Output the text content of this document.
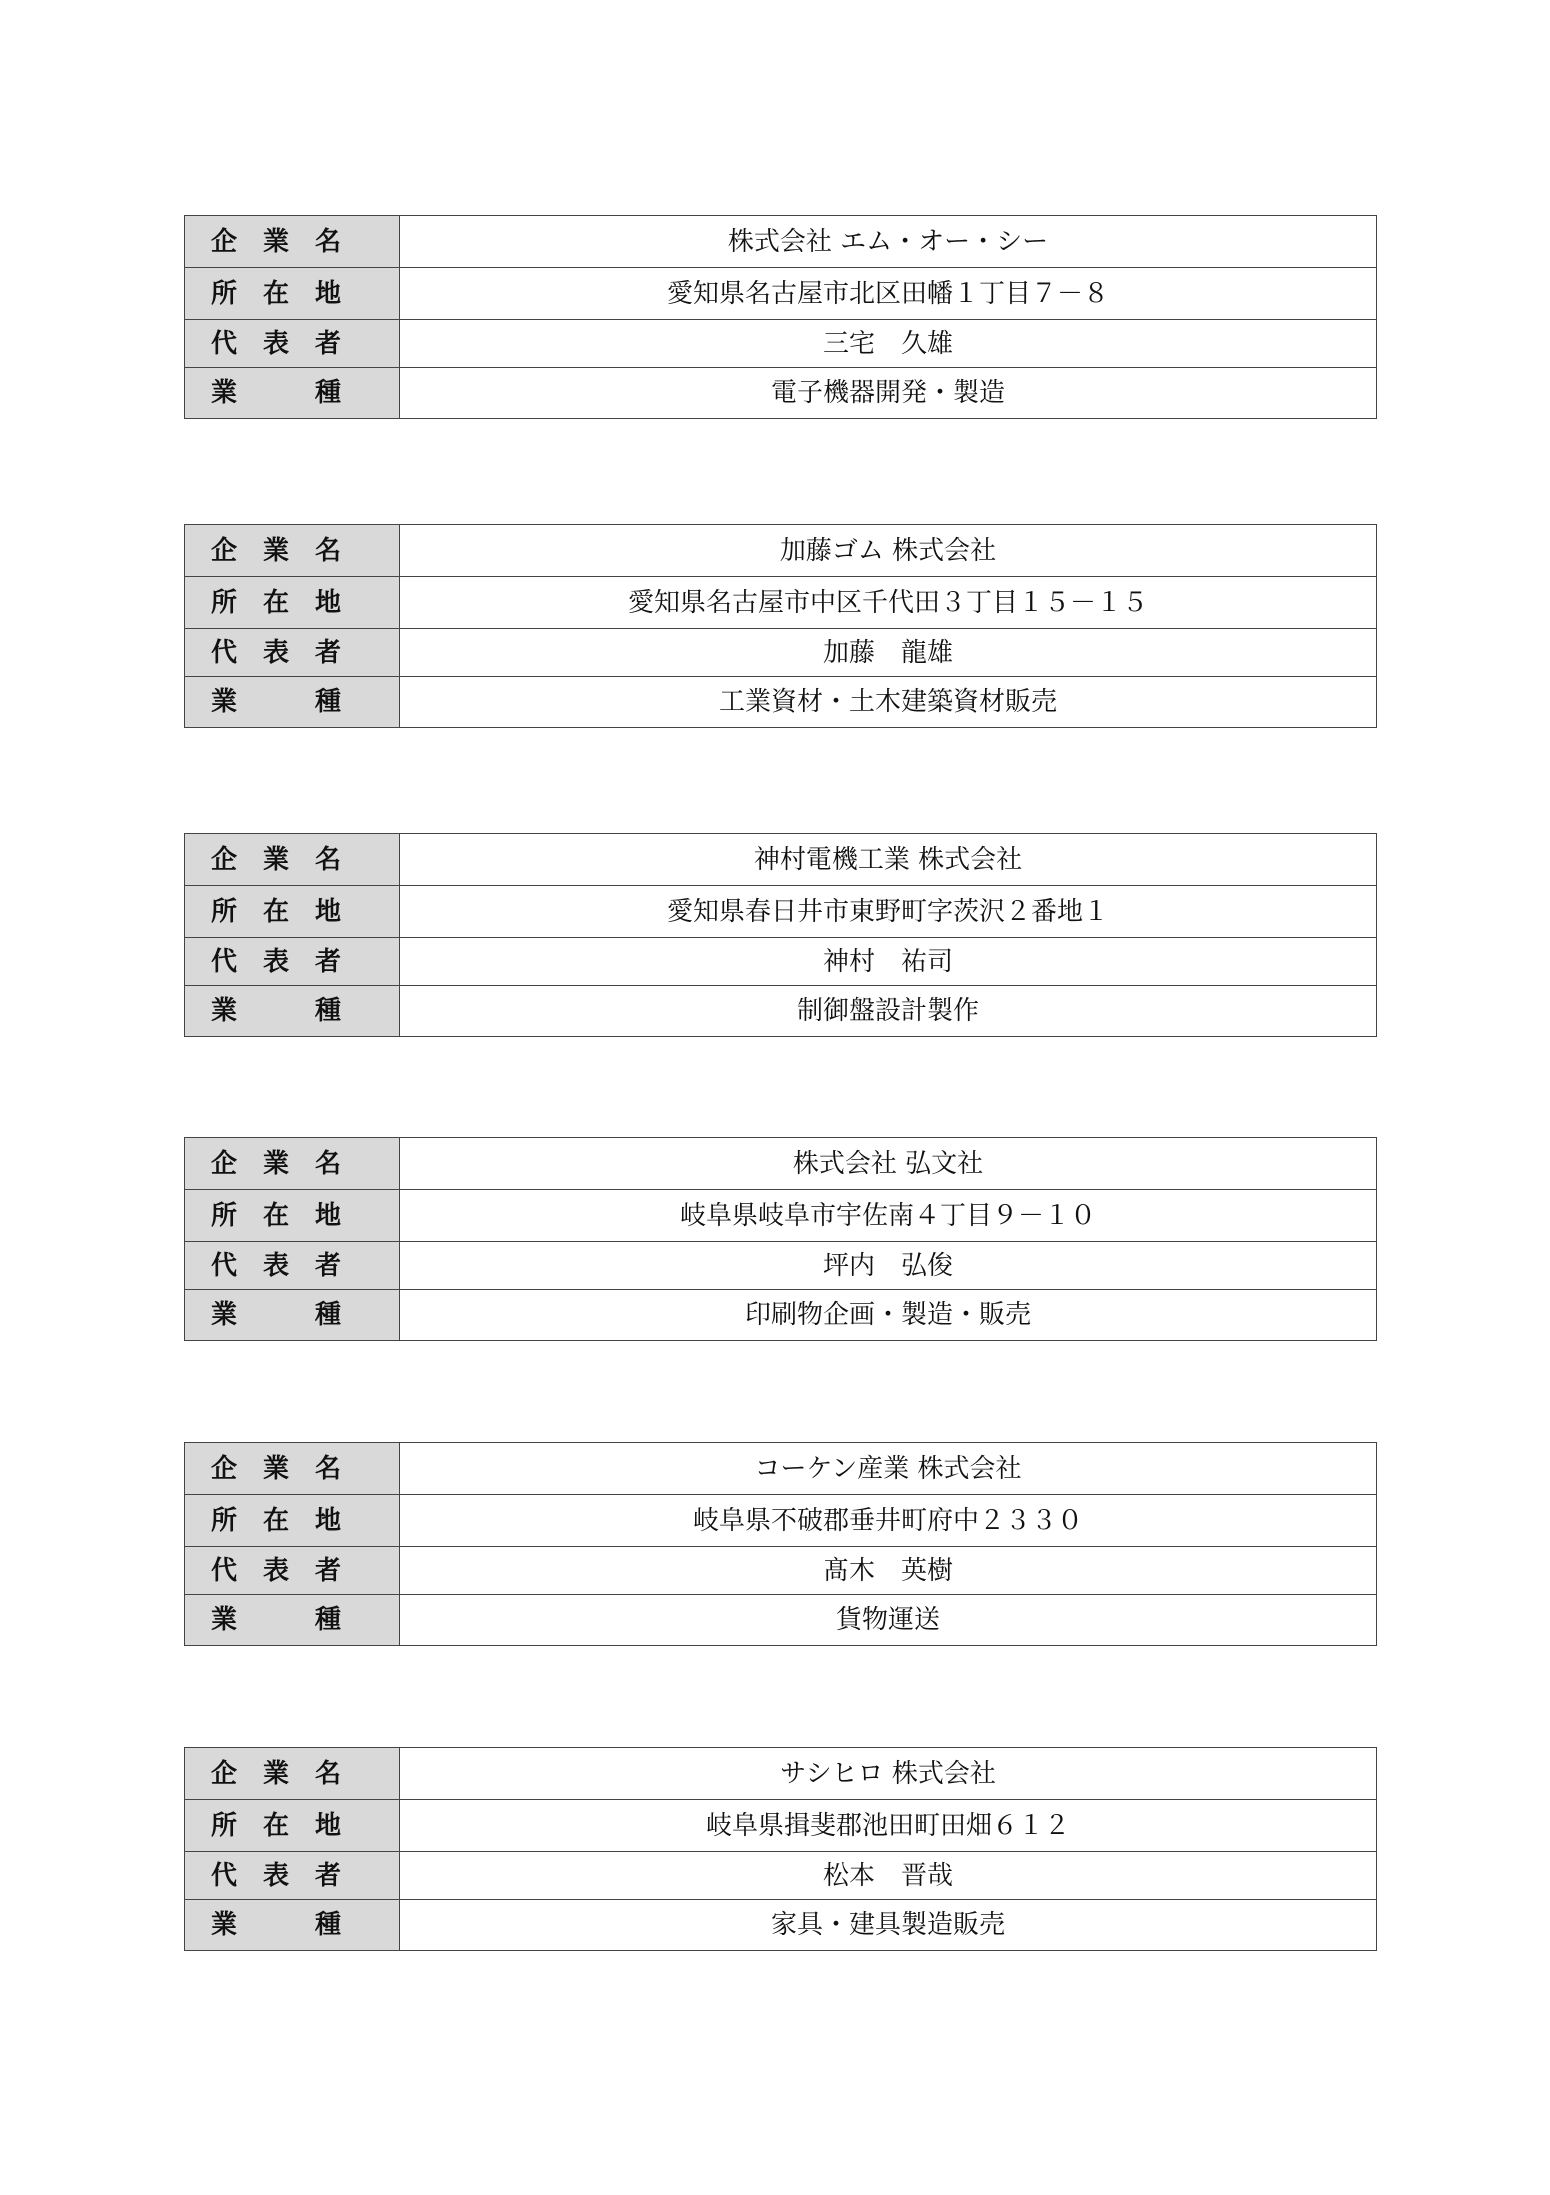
企　業　名	株式会社 エム・オー・シー
所　在　地	愛知県名古屋市北区田幡１丁目７－８
代　表　者	三宅　久雄
業　　　種	電子機器開発・製造
企　業　名	加藤ゴム 株式会社
所　在　地	愛知県名古屋市中区千代田３丁目１５－１５
代　表　者	加藤　龍雄
業　　　種	工業資材・土木建築資材販売
企　業　名	神村電機工業 株式会社
所　在　地	愛知県春日井市東野町字茨沢２番地１
代　表　者	神村　祐司
業　　　種	制御盤設計製作
企　業　名	株式会社 弘文社
所　在　地	岐阜県岐阜市宇佐南４丁目９－１０
代　表　者	坪内　弘俊
業　　　種	印刷物企画・製造・販売
企　業　名	コーケン産業 株式会社
所　在　地	岐阜県不破郡垂井町府中２３３０
代　表　者	髙木　英樹
業　　　種	貨物運送
企　業　名	サシヒロ 株式会社
所　在　地	岐阜県揖斐郡池田町田畑６１２
代　表　者	松本　晋哉
業　　　種	家具・建具製造販売
